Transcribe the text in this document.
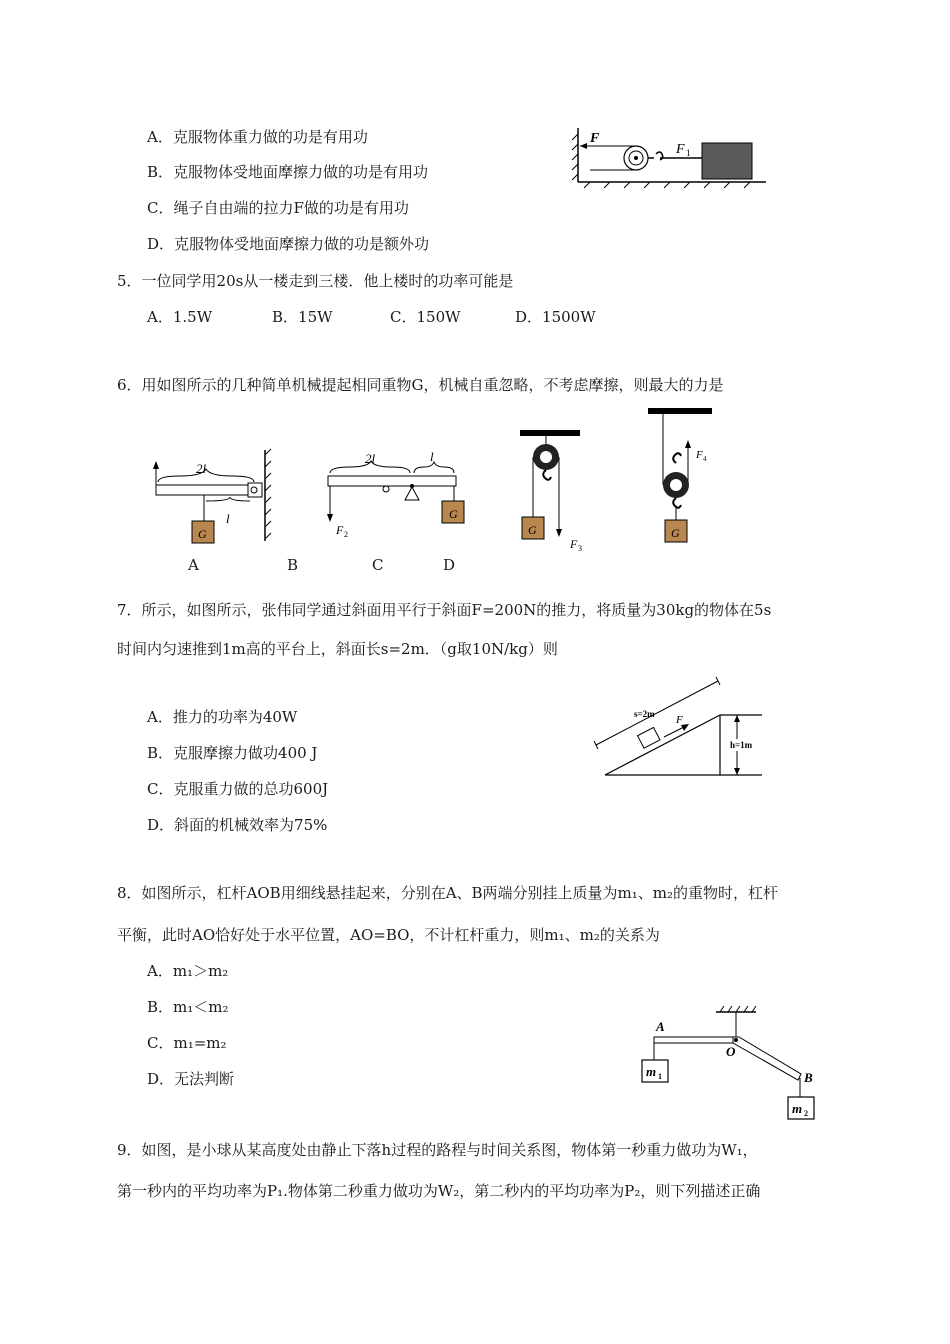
A．克服物体重力做的功是有用功
B．克服物体受地面摩擦力做的功是有用功
C．绳子自由端的拉力F做的功是有用功
D．克服物体受地面摩擦力做的功是额外功
F
F 1
5．一位同学用20s从一楼走到三楼．他上楼时的功率可能是
A．1.5W	B．15W	C．150W	D．1500W
6．用如图所示的几种简单机械提起相同重物G，机械自重忽略，不考虑摩擦，则最大的力是
2l
G
l
F 2
2l	l
G
G
F 3
F 4
G
A	B	C	D
7．所示，如图所示，张伟同学通过斜面用平行于斜面F=200N的推力，将质量为30kg的物体在5s
时间内匀速推到1m高的平台上，斜面长s=2m．（g取10N/kg）则
A．推力的功率为40W
B．克服摩擦力做功400 J
C．克服重力做的总功600J
D．斜面的机械效率为75%
s=2m F
h=1m
8．如图所示，杠杆AOB用细线悬挂起来，分别在A、B两端分别挂上质量为m₁、m₂的重物时，杠杆
平衡，此时AO恰好处于水平位置，AO=BO，不计杠杆重力，则m₁、m₂的关系为
A．m₁＞m₂
B．m₁＜m₂
C．m₁=m₂
D．无法判断
A
O
B
m 1
m 2
9．如图，是小球从某高度处由静止下落h过程的路程与时间关系图，物体第一秒重力做功为W₁，
第一秒内的平均功率为P₁.物体第二秒重力做功为W₂，第二秒内的平均功率为P₂，则下列描述正确
